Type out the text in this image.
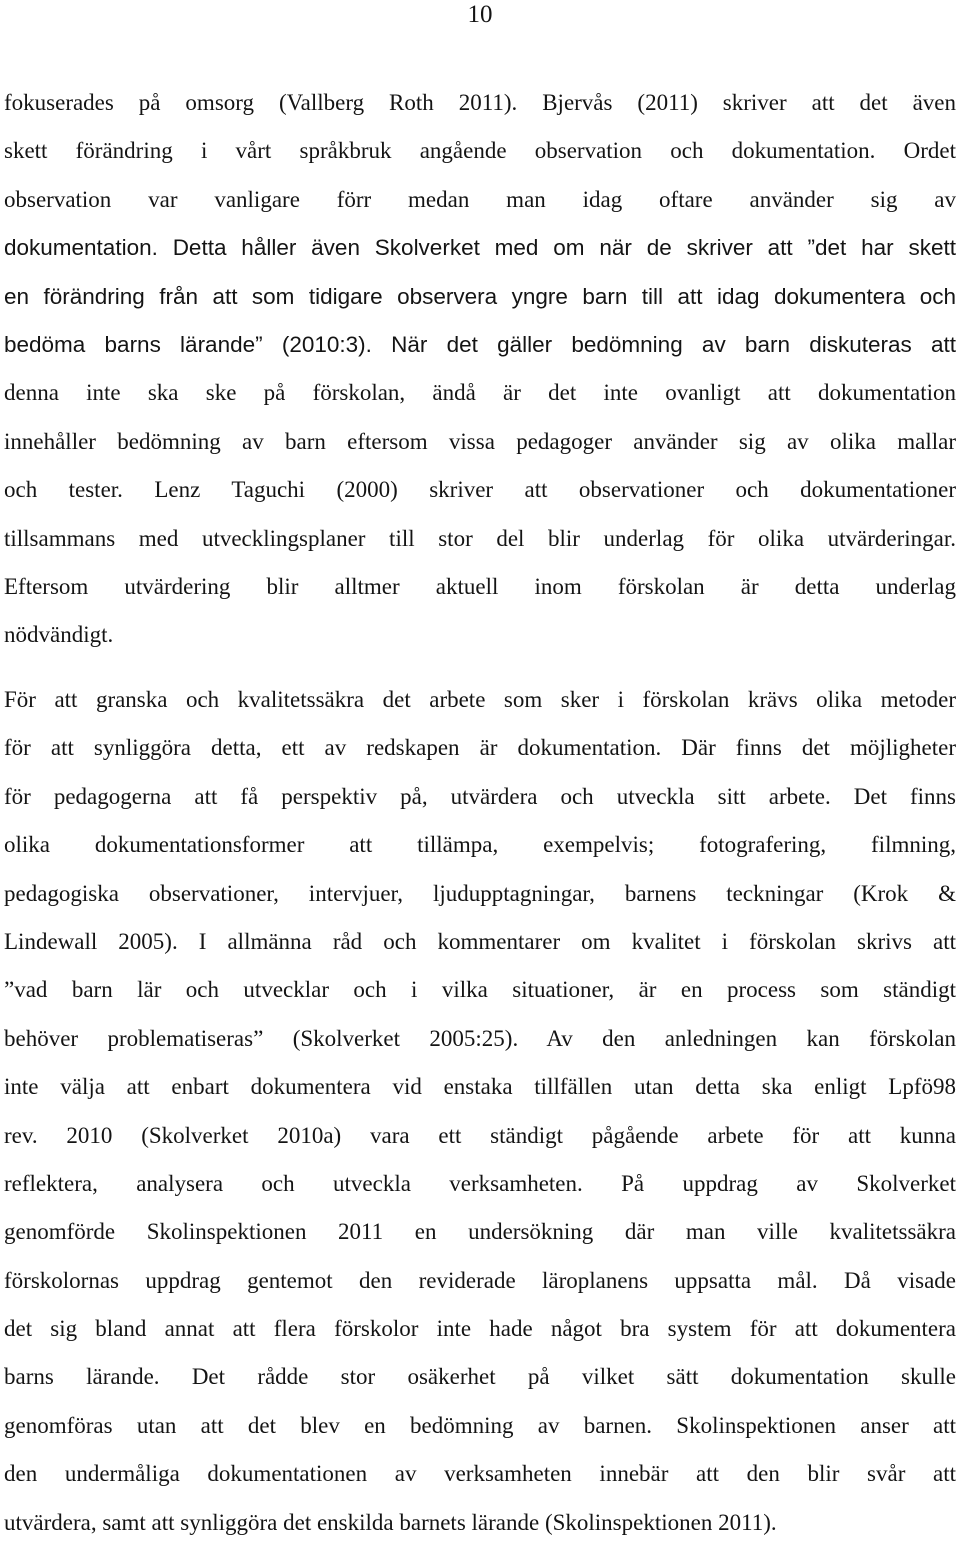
10
fokuserades på omsorg (Vallberg Roth 2011). Bjervås (2011) skriver att det även
skett förändring i vårt språkbruk angående observation och dokumentation. Ordet
observation var vanligare förr medan man idag oftare använder sig av
dokumentation. Detta håller även Skolverket med om när de skriver att ”det har skett
en förändring från att som tidigare observera yngre barn till att idag dokumentera och
bedöma barns lärande” (2010:3). När det gäller bedömning av barn diskuteras att
denna inte ska ske på förskolan, ändå är det inte ovanligt att dokumentation
innehåller bedömning av barn eftersom vissa pedagoger använder sig av olika mallar
och tester. Lenz Taguchi (2000) skriver att observationer och dokumentationer
tillsammans med utvecklingsplaner till stor del blir underlag för olika utvärderingar.
Eftersom utvärdering blir alltmer aktuell inom förskolan är detta underlag
nödvändigt.
För att granska och kvalitetssäkra det arbete som sker i förskolan krävs olika metoder
för att synliggöra detta, ett av redskapen är dokumentation. Där finns det möjligheter
för pedagogerna att få perspektiv på, utvärdera och utveckla sitt arbete. Det finns
olika dokumentationsformer att tillämpa, exempelvis; fotografering, filmning,
pedagogiska observationer, intervjuer, ljudupptagningar, barnens teckningar (Krok &
Lindewall 2005). I allmänna råd och kommentarer om kvalitet i förskolan skrivs att
”vad barn lär och utvecklar och i vilka situationer, är en process som ständigt
behöver problematiseras” (Skolverket 2005:25). Av den anledningen kan förskolan
inte välja att enbart dokumentera vid enstaka tillfällen utan detta ska enligt Lpfö98
rev. 2010 (Skolverket 2010a) vara ett ständigt pågående arbete för att kunna
reflektera, analysera och utveckla verksamheten. På uppdrag av Skolverket
genomförde Skolinspektionen 2011 en undersökning där man ville kvalitetssäkra
förskolornas uppdrag gentemot den reviderade läroplanens uppsatta mål. Då visade
det sig bland annat att flera förskolor inte hade något bra system för att dokumentera
barns lärande. Det rådde stor osäkerhet på vilket sätt dokumentation skulle
genomföras utan att det blev en bedömning av barnen. Skolinspektionen anser att
den undermåliga dokumentationen av verksamheten innebär att den blir svår att
utvärdera, samt att synliggöra det enskilda barnets lärande (Skolinspektionen 2011).
